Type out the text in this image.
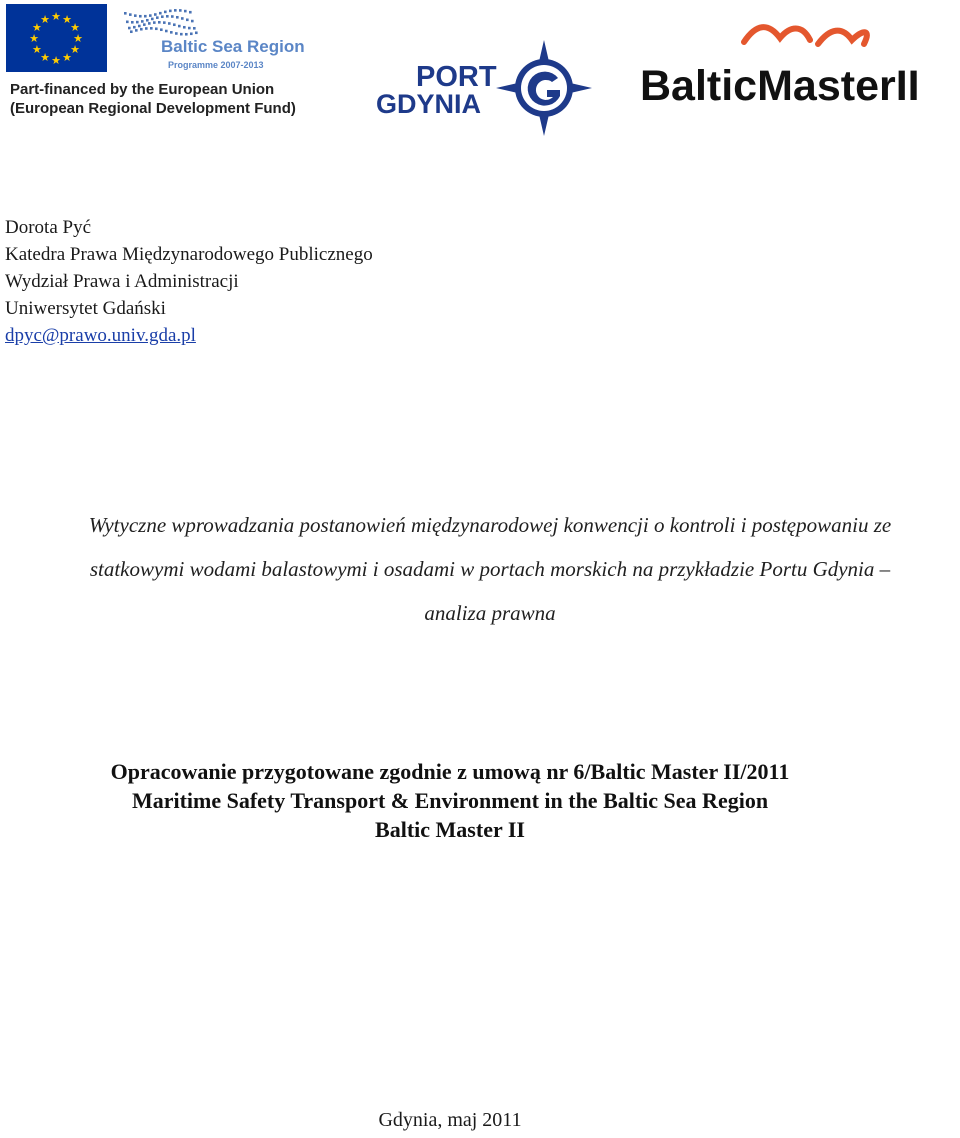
★ ★
★
★
★
★
★
★
★
★
★
★
Baltic Sea Region
Programme 2007-2013
Part-financed by the European Union
(European Regional Development Fund)
PORT
GDYNIA	BalticMasterII
Dorota Pyć
Katedra Prawa Międzynarodowego Publicznego
Wydział Prawa i Administracji
Uniwersytet Gdański
dpyc@prawo.univ.gda.pl
Wytyczne wprowadzania postanowień międzynarodowej konwencji o kontroli i postępowaniu ze
statkowymi wodami balastowymi i osadami w portach morskich na przykładzie Portu Gdynia –
analiza prawna
Opracowanie przygotowane zgodnie z umową nr 6/Baltic Master II/2011
Maritime Safety Transport & Environment in the Baltic Sea Region
Baltic Master II
Gdynia, maj 2011
